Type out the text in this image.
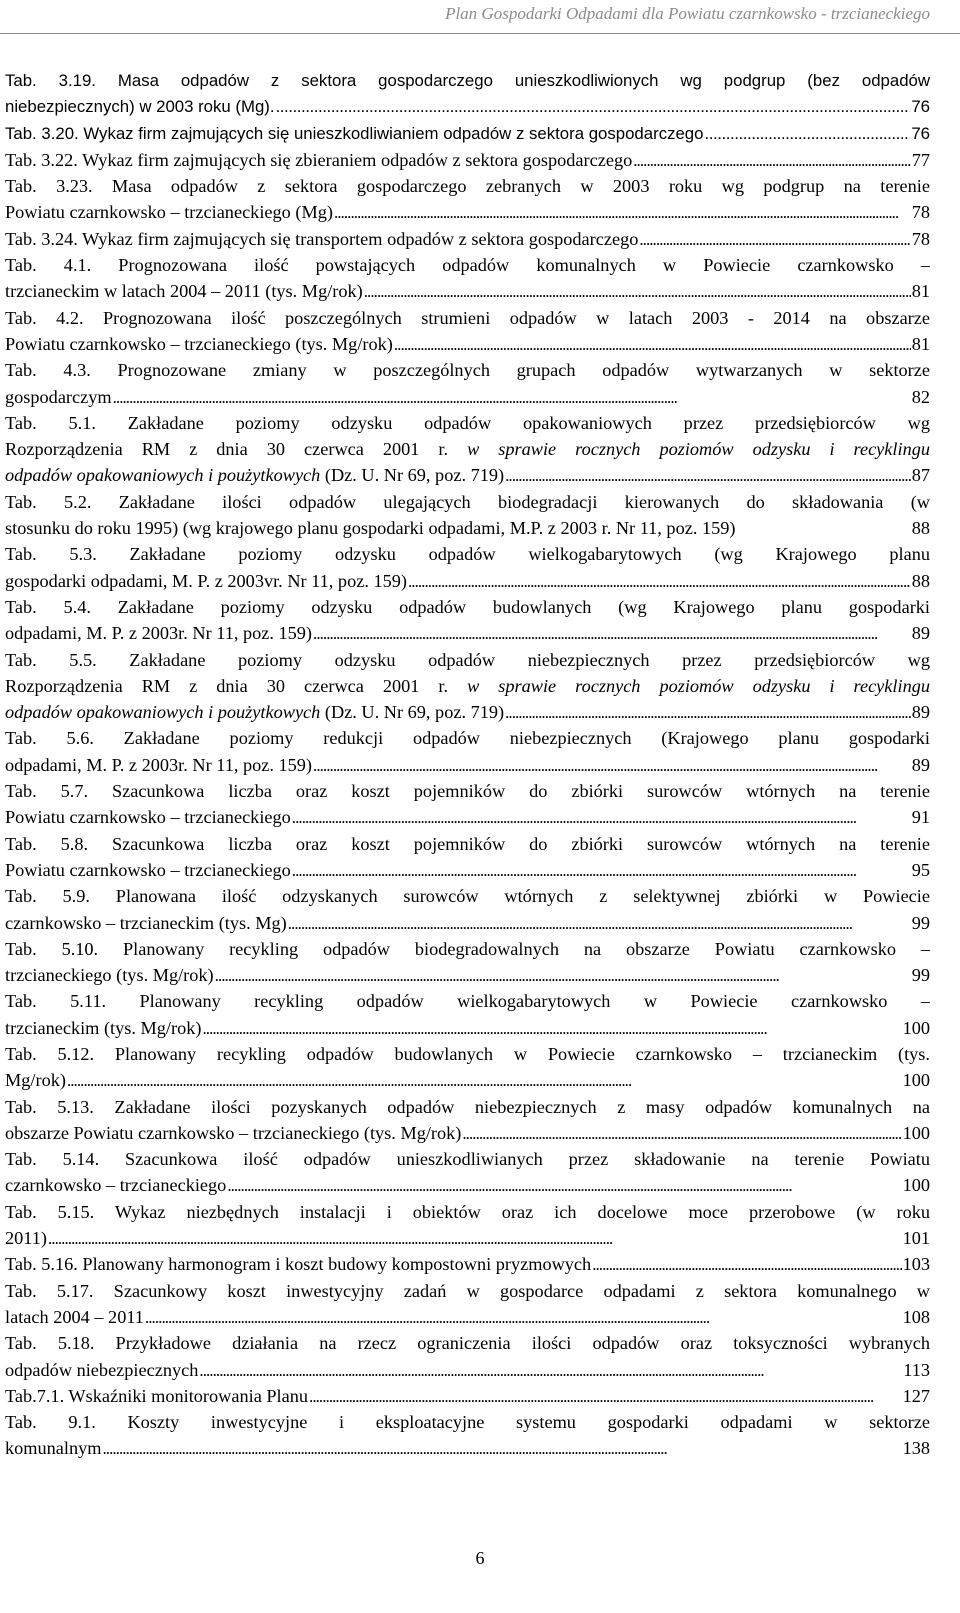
Plan Gospodarki Odpadami dla Powiatu czarnkowsko - trzcianeckiego
Tab. 3.19. Masa odpadów z sektora gospodarczego unieszkodliwionych wg podgrup (bez odpadów
niebezpiecznych) w 2003 roku (Mg). . . .	76
Tab. 3.20. Wykaz firm zajmujących się unieszkodliwianiem odpadów z sektora gospodarczego . . .	76
Tab. 3.22. Wykaz firm zajmujących się zbieraniem odpadów z sektora gospodarczego . . .	77
Tab. 3.23. Masa odpadów z sektora gospodarczego zebranych w 2003 roku wg podgrup na terenie
Powiatu czarnkowsko – trzcianeckiego (Mg) . . .	78
Tab. 3.24. Wykaz firm zajmujących się transportem odpadów z sektora gospodarczego . . .	78
Tab. 4.1. Prognozowana ilość powstających odpadów komunalnych w Powiecie czarnkowsko –
trzcianeckim w latach 2004 – 2011 (tys. Mg/rok) . . .	81
Tab. 4.2. Prognozowana ilość poszczególnych strumieni odpadów w latach 2003 - 2014 na obszarze
Powiatu czarnkowsko – trzcianeckiego (tys. Mg/rok) . . .	81
Tab. 4.3. Prognozowane zmiany w poszczególnych grupach odpadów wytwarzanych w sektorze
gospodarczym . . .	82
Tab. 5.1. Zakładane poziomy odzysku odpadów opakowaniowych przez przedsiębiorców wg
Rozporządzenia RM z dnia 30 czerwca 2001 r. w sprawie rocznych poziomów odzysku i recyklingu
odpadów opakowaniowych i poużytkowych (Dz. U. Nr 69, poz. 719) . . .	87
Tab. 5.2. Zakładane ilości odpadów ulegających biodegradacji kierowanych do składowania (w
stosunku do roku 1995) (wg krajowego planu gospodarki odpadami, M.P. z 2003 r. Nr 11, poz. 159)	88
Tab. 5.3. Zakładane poziomy odzysku odpadów wielkogabarytowych (wg Krajowego planu
gospodarki odpadami, M. P. z 2003vr. Nr 11, poz. 159) . . .	88
Tab. 5.4. Zakładane poziomy odzysku odpadów budowlanych (wg Krajowego planu gospodarki
odpadami, M. P. z 2003r. Nr 11, poz. 159) . . .	89
Tab. 5.5. Zakładane poziomy odzysku odpadów niebezpiecznych przez przedsiębiorców wg
Rozporządzenia RM z dnia 30 czerwca 2001 r. w sprawie rocznych poziomów odzysku i recyklingu
odpadów opakowaniowych i poużytkowych (Dz. U. Nr 69, poz. 719) . . .	89
Tab. 5.6. Zakładane poziomy redukcji odpadów niebezpiecznych (Krajowego planu gospodarki
odpadami, M. P. z 2003r. Nr 11, poz. 159) . . .	89
Tab. 5.7. Szacunkowa liczba oraz koszt pojemników do zbiórki surowców wtórnych na terenie
Powiatu czarnkowsko – trzcianeckiego . . .	91
Tab. 5.8. Szacunkowa liczba oraz koszt pojemników do zbiórki surowców wtórnych na terenie
Powiatu czarnkowsko – trzcianeckiego . . .	95
Tab. 5.9. Planowana ilość odzyskanych surowców wtórnych z selektywnej zbiórki w Powiecie
czarnkowsko – trzcianeckim (tys. Mg) . . .	99
Tab. 5.10. Planowany recykling odpadów biodegradowalnych na obszarze Powiatu czarnkowsko –
trzcianeckiego (tys. Mg/rok) . . .	99
Tab. 5.11. Planowany recykling odpadów wielkogabarytowych w Powiecie czarnkowsko –
trzcianeckim (tys. Mg/rok) . . .	100
Tab. 5.12. Planowany recykling odpadów budowlanych w Powiecie czarnkowsko – trzcianeckim (tys.
Mg/rok) . . .	100
Tab. 5.13. Zakładane ilości pozyskanych odpadów niebezpiecznych z masy odpadów komunalnych na
obszarze Powiatu czarnkowsko – trzcianeckiego (tys. Mg/rok) . . .	100
Tab. 5.14. Szacunkowa ilość odpadów unieszkodliwianych przez składowanie na terenie Powiatu
czarnkowsko – trzcianeckiego . . .	100
Tab. 5.15. Wykaz niezbędnych instalacji i obiektów oraz ich docelowe moce przerobowe (w roku
2011) . . .	101
Tab. 5.16. Planowany harmonogram i koszt budowy kompostowni pryzmowych . . .	103
Tab. 5.17. Szacunkowy koszt inwestycyjny zadań w gospodarce odpadami z sektora komunalnego w
latach 2004 – 2011 . . .	108
Tab. 5.18. Przykładowe działania na rzecz ograniczenia ilości odpadów oraz toksyczności wybranych
odpadów niebezpiecznych . . .	113
Tab.7.1. Wskaźniki monitorowania Planu . . .	127
Tab. 9.1. Koszty inwestycyjne i eksploatacyjne systemu gospodarki odpadami w sektorze
komunalnym . . .	138
6
